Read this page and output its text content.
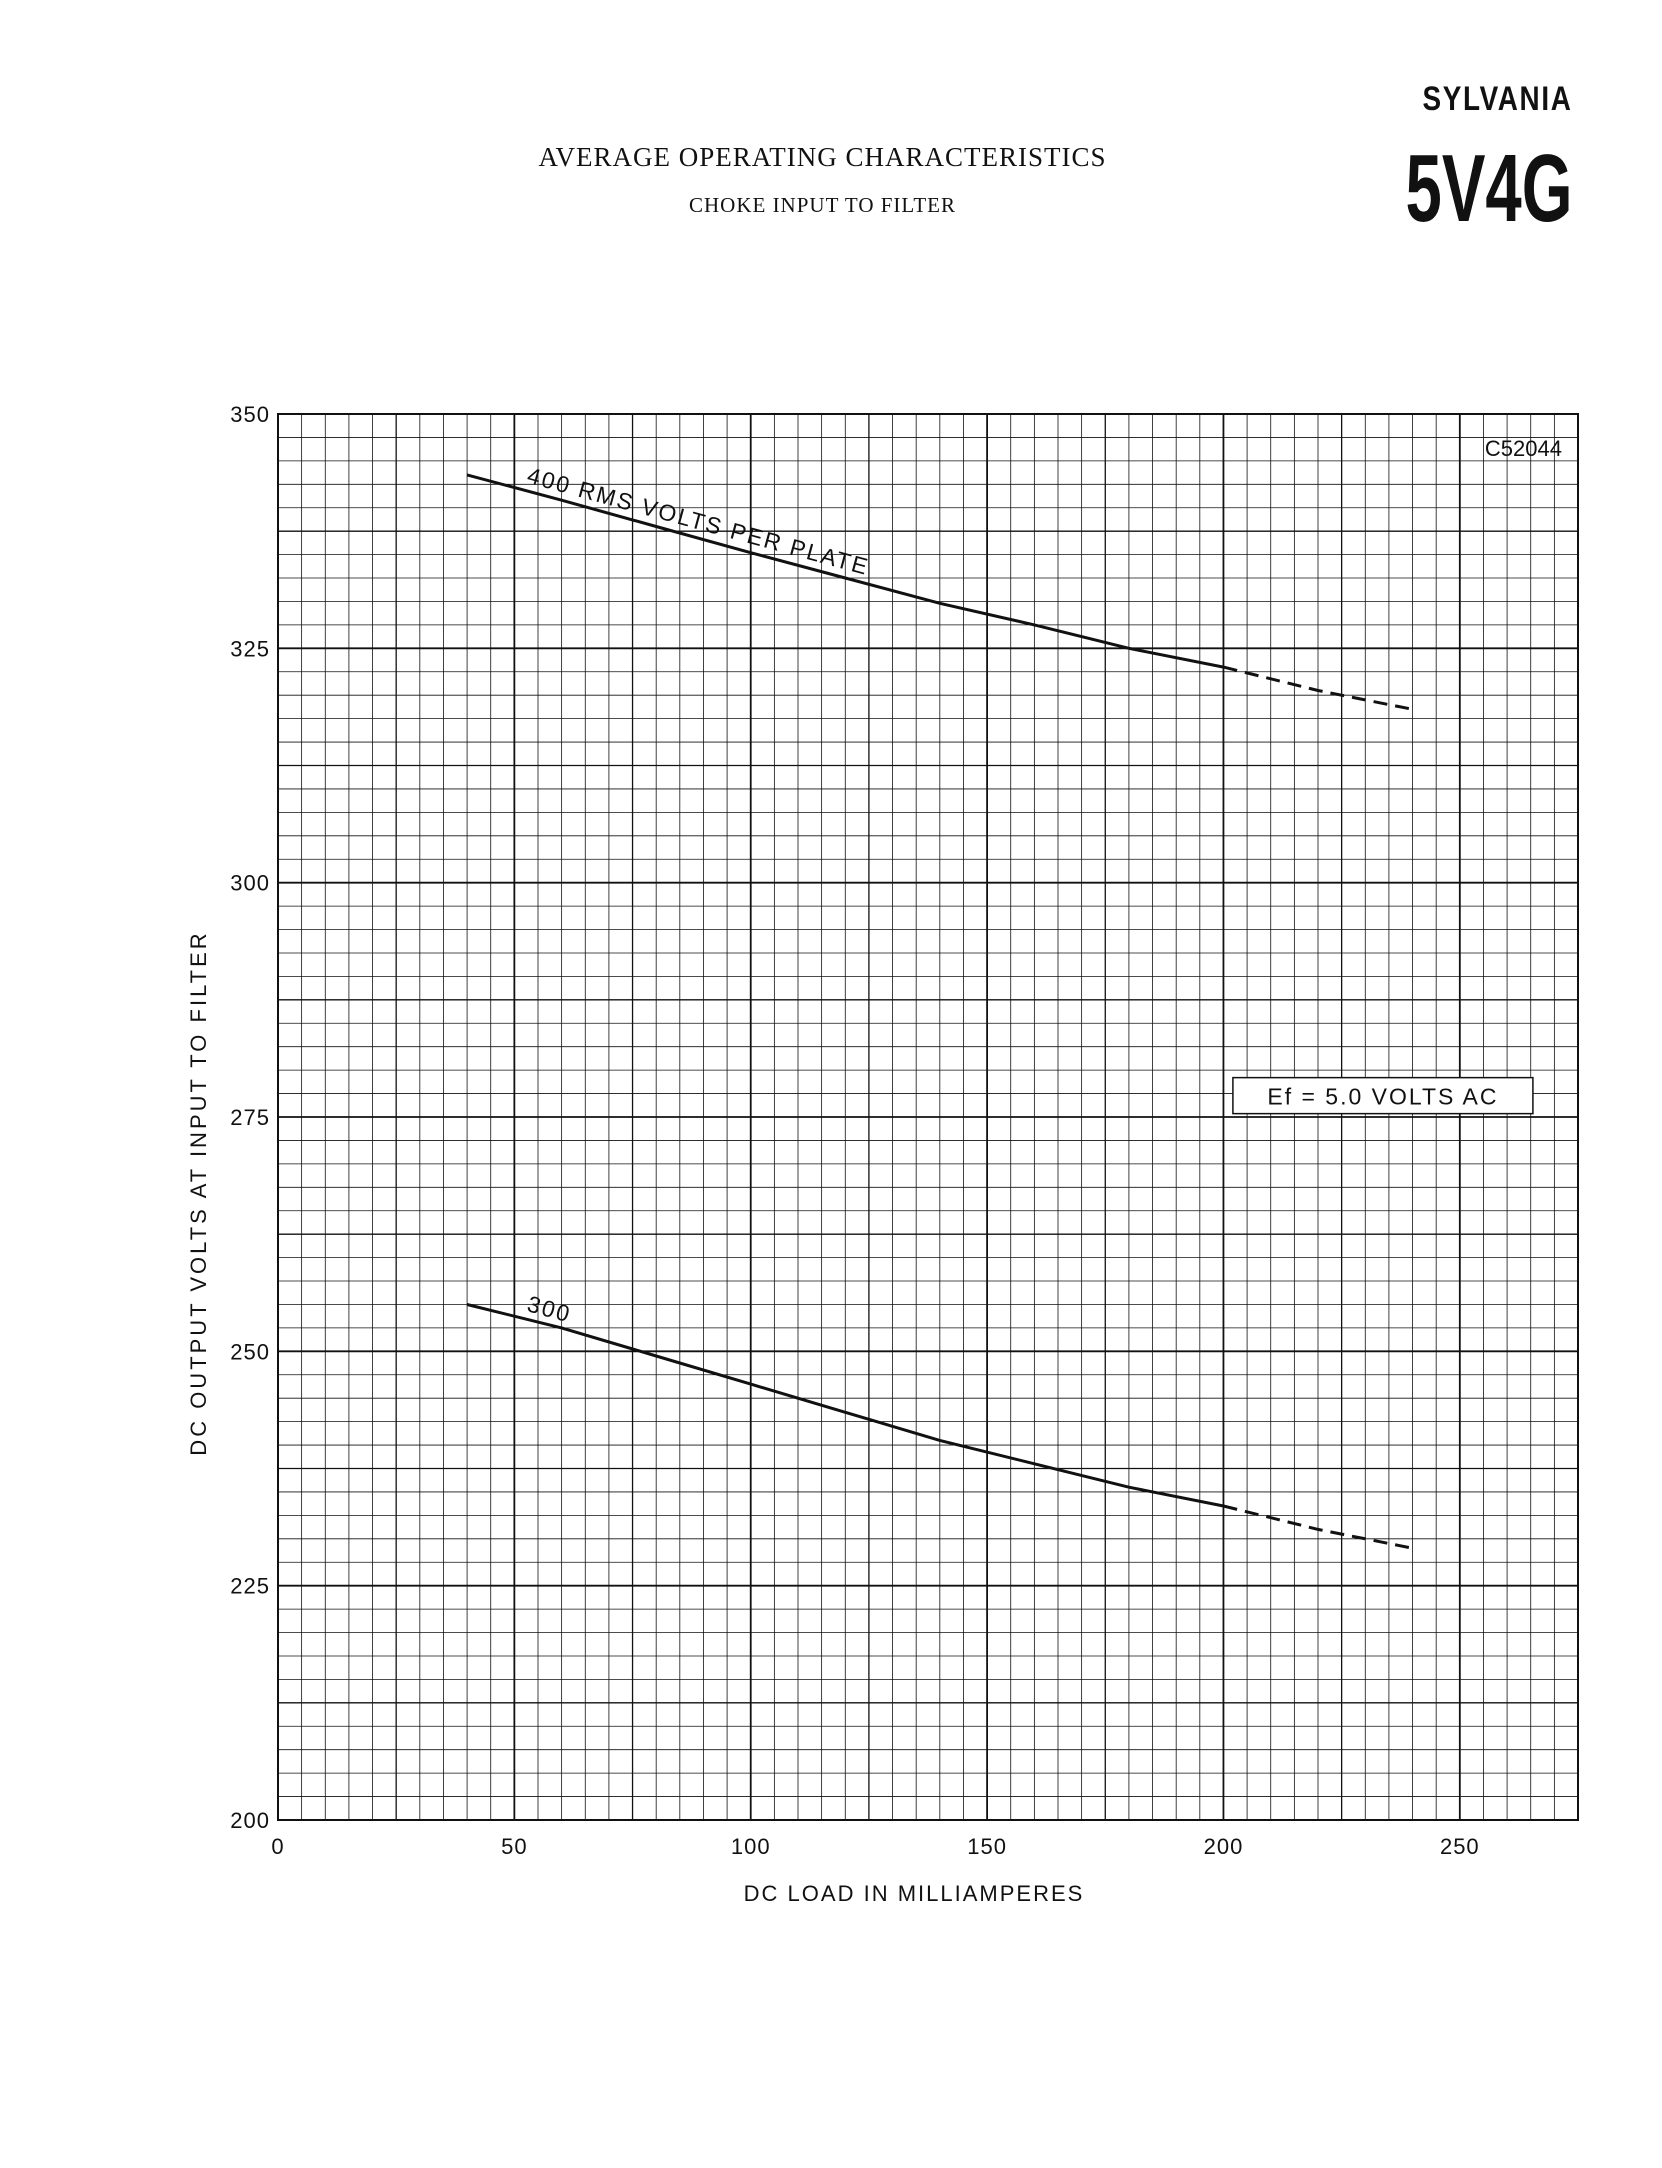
SYLVANIA
5V4G
AVERAGE OPERATING CHARACTERISTICS
CHOKE INPUT TO FILTER
0	50	100	150	200	250
200
225
250
275
300
325
350
400 RMS VOLTS PER PLATE
300
C52044
Ef = 5.0 VOLTS AC
DC LOAD IN MILLIAMPERES
DC OUTPUT VOLTS AT INPUT TO FILTER
